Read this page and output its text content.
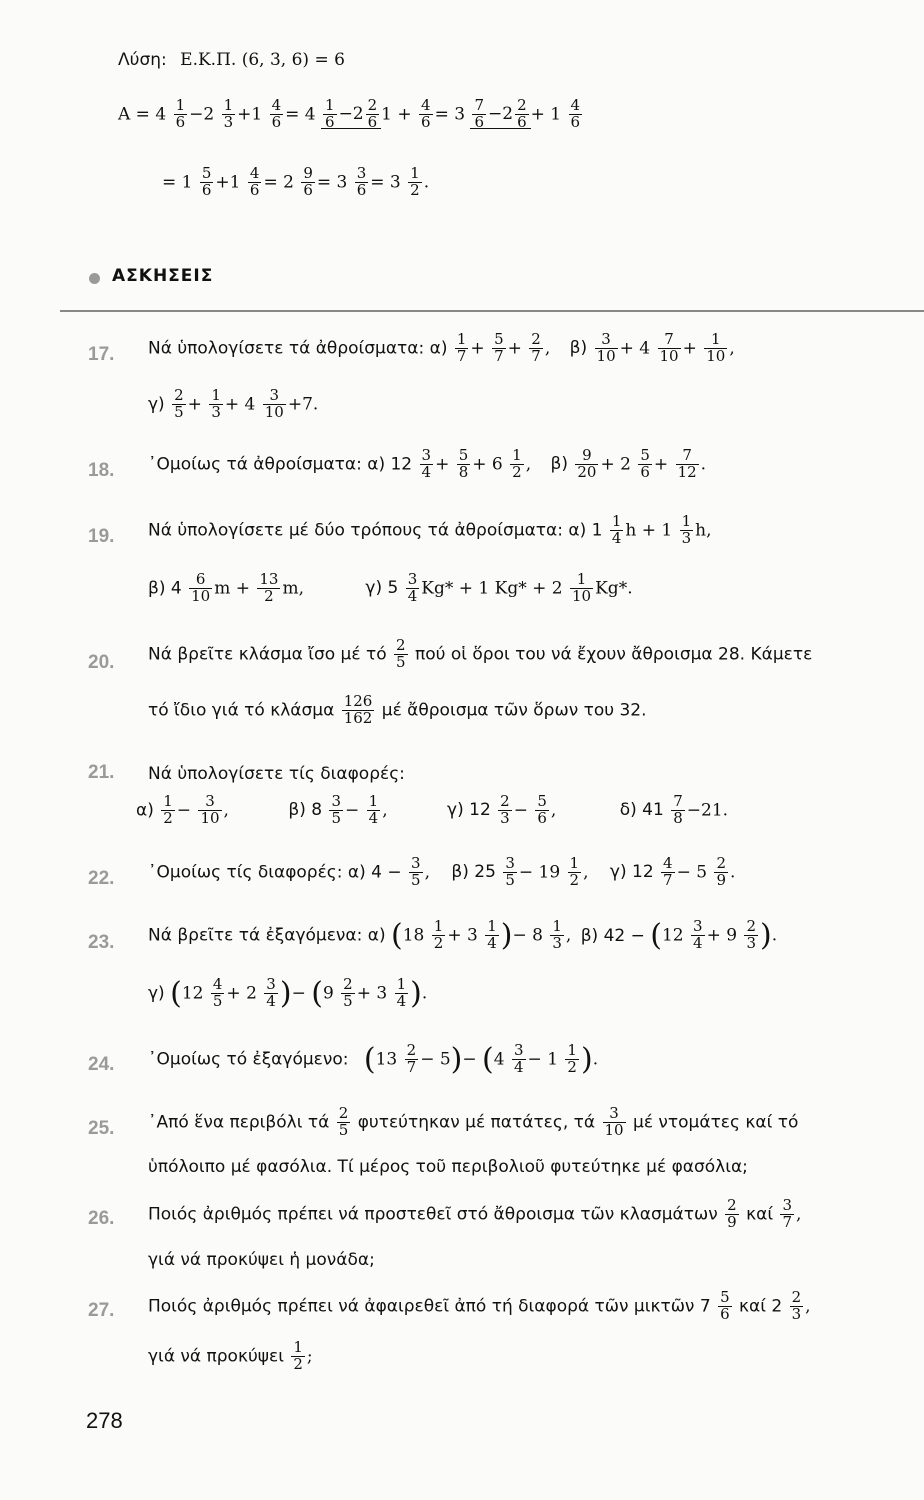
Λύση: Ε.Κ.Π. (6, 3, 6) = 6
$A = 4 \frac{1}{6} -2 \frac{1}{3} +1 \frac{4}{6} = 4 \frac{1}{6} -2 \frac{2}{6} 1 + \frac{4}{6} = 3 \frac{7}{6} -2 \frac{2}{6} + 1 \frac{4}{6}$
= $1 \frac{5}{6} +1 \frac{4}{6} = 2 \frac{9}{6} = 3 \frac{3}{6} = 3 \frac{1}{2}$ .
ΑΣΚΗΣΕΙΣ
17. Νά ὑπολογίσετε τά ἀθροίσματα: $\alpha) \frac{1}{7} + \frac{5}{7} + \frac{2}{7}$ , $\beta) \frac{3}{10} + 4 \frac{7}{10} + \frac{1}{10}$ ,
$\gamma) \frac{2}{5} + \frac{1}{3} + 4 \frac{3}{10} +7$.
18. ᾿Ομοίως τά ἀθροίσματα: α) $12 \frac{3}{4} + \frac{5}{8} + 6 \frac{1}{2}$ , $\beta) \frac{9}{20} + 2 \frac{5}{6} + \frac{7}{12}$ .
19. Νά ὑπολογίσετε μέ δύο τρόπους τά ἀθροίσματα: α) $1 \frac{1}{4}$ $h + 1 \frac{1}{3} h$,
β) $4 \frac{6}{10}$ $m + \frac{13}{2} m$,	γ) $5 \frac{3}{4} Kg* + 1$ $Kg* + 2 \frac{1}{10} Kg*$.
20. Νά βρεῖτε κλάσμα ἴσο μέ τό $\frac{2}{5}$ πού οἱ ὅροι του νά ἔχουν ἄθροισμα 28. Κάμετε
τό ἴδιο γιά τό κλάσμα $\frac{126}{162}$ μέ ἄθροισμα τῶν ὅρων του 32.
21. Νά ὑπολογίσετε τίς διαφορές:
$\alpha) \frac{1}{2} - \frac{3}{10}$ ,	β) $8 \frac{3}{5} - \frac{1}{4}$ ,	γ) $12 \frac{2}{3} - \frac{5}{6}$ ,	δ) $41 \frac{7}{8} -21$.
22. ᾿Ομοίως τίς διαφορές: α) $4 - \frac{3}{5}$ , β) $25 \frac{3}{5} - 19 \frac{1}{2}$ , γ) $12 \frac{4}{7} - 5 \frac{2}{9}$ .
23. Νά βρεῖτε τά ἐξαγόμενα: α) ($18 \frac{1}{2} + 3 \frac{1}{4}$ )− $8 \frac{1}{3}$ , β) $42 - (12 \frac{3}{4} + 9 \frac{2}{3}$ ).
γ) ($12 \frac{4}{5} + 2 \frac{3}{4}$ )− ($9 \frac{2}{5} + 3 \frac{1}{4}$ ).
24. ᾿Ομοίως τό ἐξαγόμενο: $(13 \frac{2}{7} - 5)- (4 \frac{3}{4} - 1 \frac{1}{2}$ ).
25. ᾿Από ἕνα περιβόλι τά $\frac{2}{5}$ φυτεύτηκαν μέ πατάτες, τά $\frac{3}{10}$ μέ ντομάτες καί τό
ὑπόλοιπο μέ φασόλια. Τί μέρος τοῦ περιβολιοῦ φυτεύτηκε μέ φασόλια;
26. Ποιός ἀριθμός πρέπει νά προστεθεῖ στό ἄθροισμα τῶν κλασμάτων $\frac{2}{9}$ καί $\frac{3}{7}$ ,
γιά νά προκύψει ἡ μονάδα;
27. Ποιός ἀριθμός πρέπει νά ἀφαιρεθεῖ ἀπό τή διαφορά τῶν μικτῶν $7 \frac{5}{6}$ καί $2 \frac{2}{3}$ ,
γιά νά προκύψει $\frac{1}{2}$ ;
278
